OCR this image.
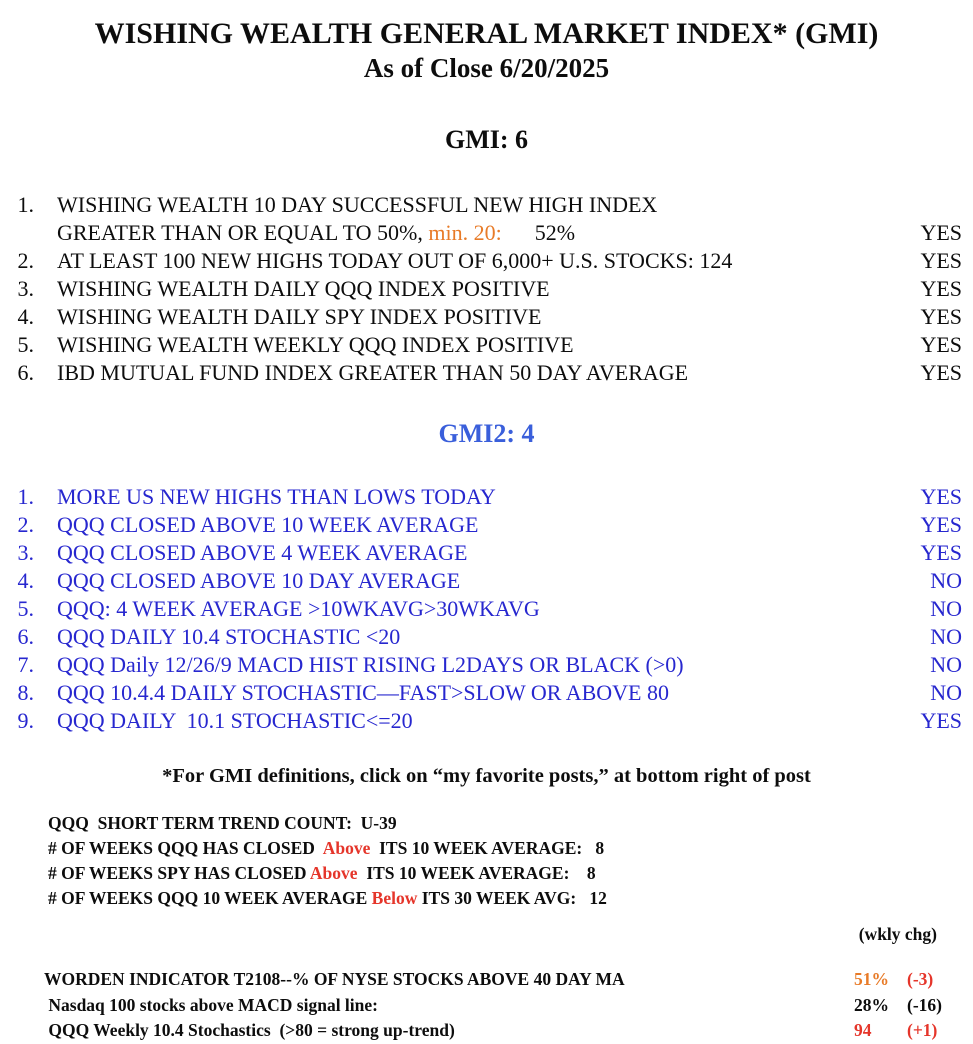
WISHING WEALTH GENERAL MARKET INDEX* (GMI)
As of Close 6/20/2025
GMI: 6
1.	WISHING WEALTH 10 DAY SUCCESSFUL NEW HIGH INDEX
GREATER THAN OR EQUAL TO 50%, min. 20:      52%	YES
2.	AT LEAST 100 NEW HIGHS TODAY OUT OF 6,000+ U.S. STOCKS: 124	YES
3.	WISHING WEALTH DAILY QQQ INDEX POSITIVE	YES
4.	WISHING WEALTH DAILY SPY INDEX POSITIVE	YES
5.	WISHING WEALTH WEEKLY QQQ INDEX POSITIVE	YES
6.	IBD MUTUAL FUND INDEX GREATER THAN 50 DAY AVERAGE	YES
GMI2: 4
1.	MORE US NEW HIGHS THAN LOWS TODAY	YES
2.	QQQ CLOSED ABOVE 10 WEEK AVERAGE	YES
3.	QQQ CLOSED ABOVE 4 WEEK AVERAGE	YES
4.	QQQ CLOSED ABOVE 10 DAY AVERAGE	NO
5.	QQQ: 4 WEEK AVERAGE >10WKAVG>30WKAVG	NO
6.	QQQ DAILY 10.4 STOCHASTIC <20	NO
7.	QQQ Daily 12/26/9 MACD HIST RISING L2DAYS OR BLACK (>0)	NO
8.	QQQ 10.4.4 DAILY STOCHASTIC—FAST>SLOW OR ABOVE 80	NO
9.	QQQ DAILY  10.1 STOCHASTIC<=20	YES
*For GMI definitions, click on “my favorite posts,” at bottom right of post
QQQ  SHORT TERM TREND COUNT:  U-39
# OF WEEKS QQQ HAS CLOSED  Above  ITS 10 WEEK AVERAGE:   8
# OF WEEKS SPY HAS CLOSED Above  ITS 10 WEEK AVERAGE:    8
# OF WEEKS QQQ 10 WEEK AVERAGE Below ITS 30 WEEK AVG:   12
(wkly chg)
WORDEN INDICATOR T2108--% OF NYSE STOCKS ABOVE 40 DAY MA	51%	(-3)
Nasdaq 100 stocks above MACD signal line:	28%	(-16)
QQQ Weekly 10.4 Stochastics  (>80 = strong up-trend)	94	(+1)
